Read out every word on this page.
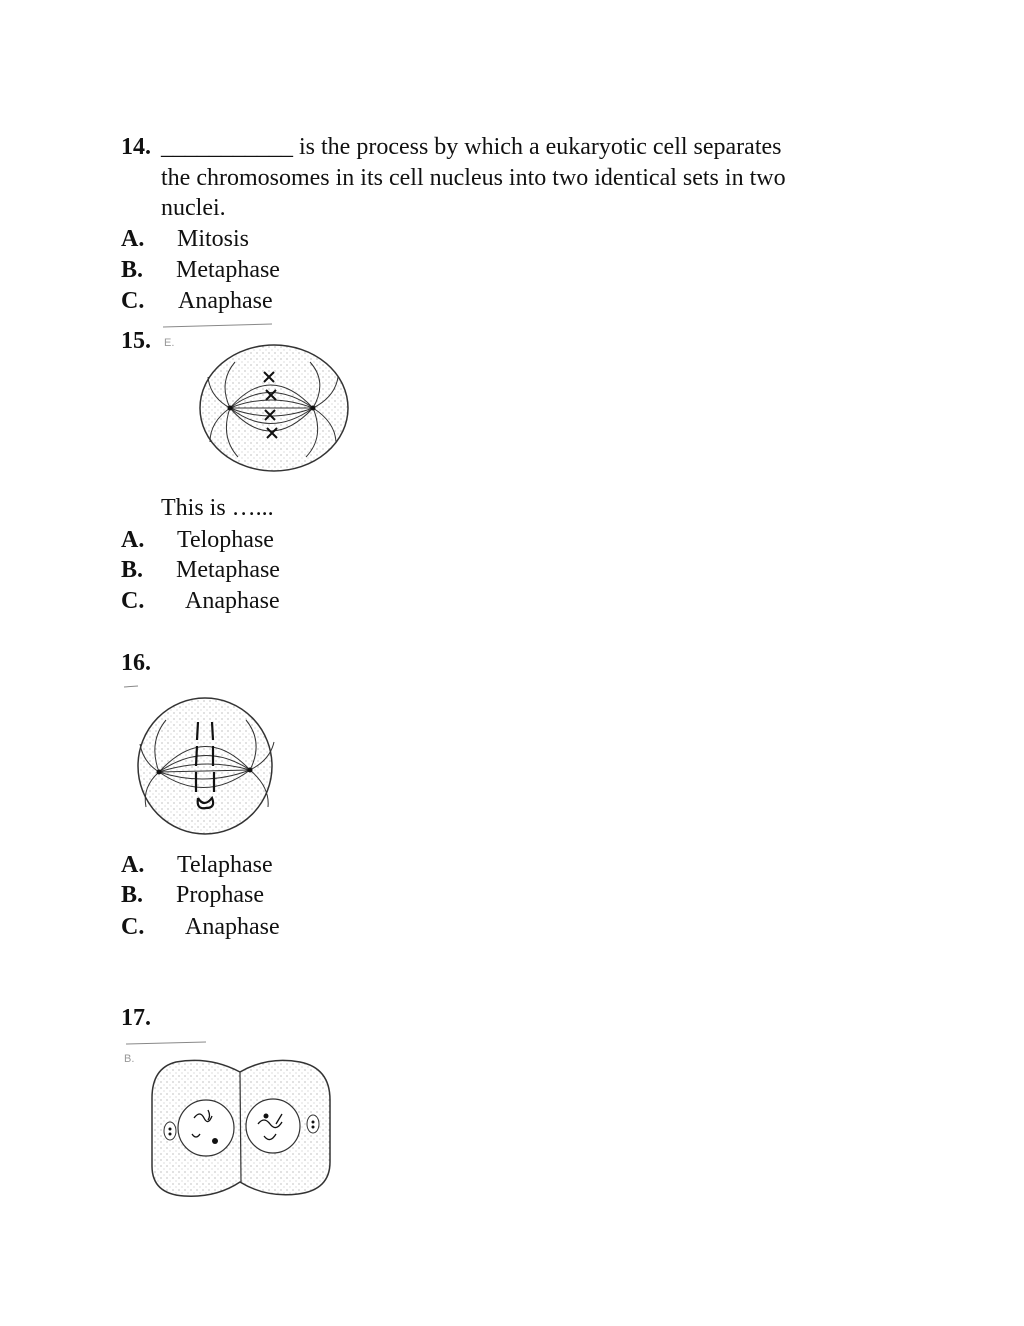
14. ___________ is the process by which a eukaryotic cell separates
the chromosomes in its cell nucleus into two identical sets in two
nuclei.
A. Mitosis
B. Metaphase
C. Anaphase
15. E.
This is …...
A. Telophase
B. Metaphase
C. Anaphase
16.
A. Telaphase
B. Prophase
C. Anaphase
17.
B.
